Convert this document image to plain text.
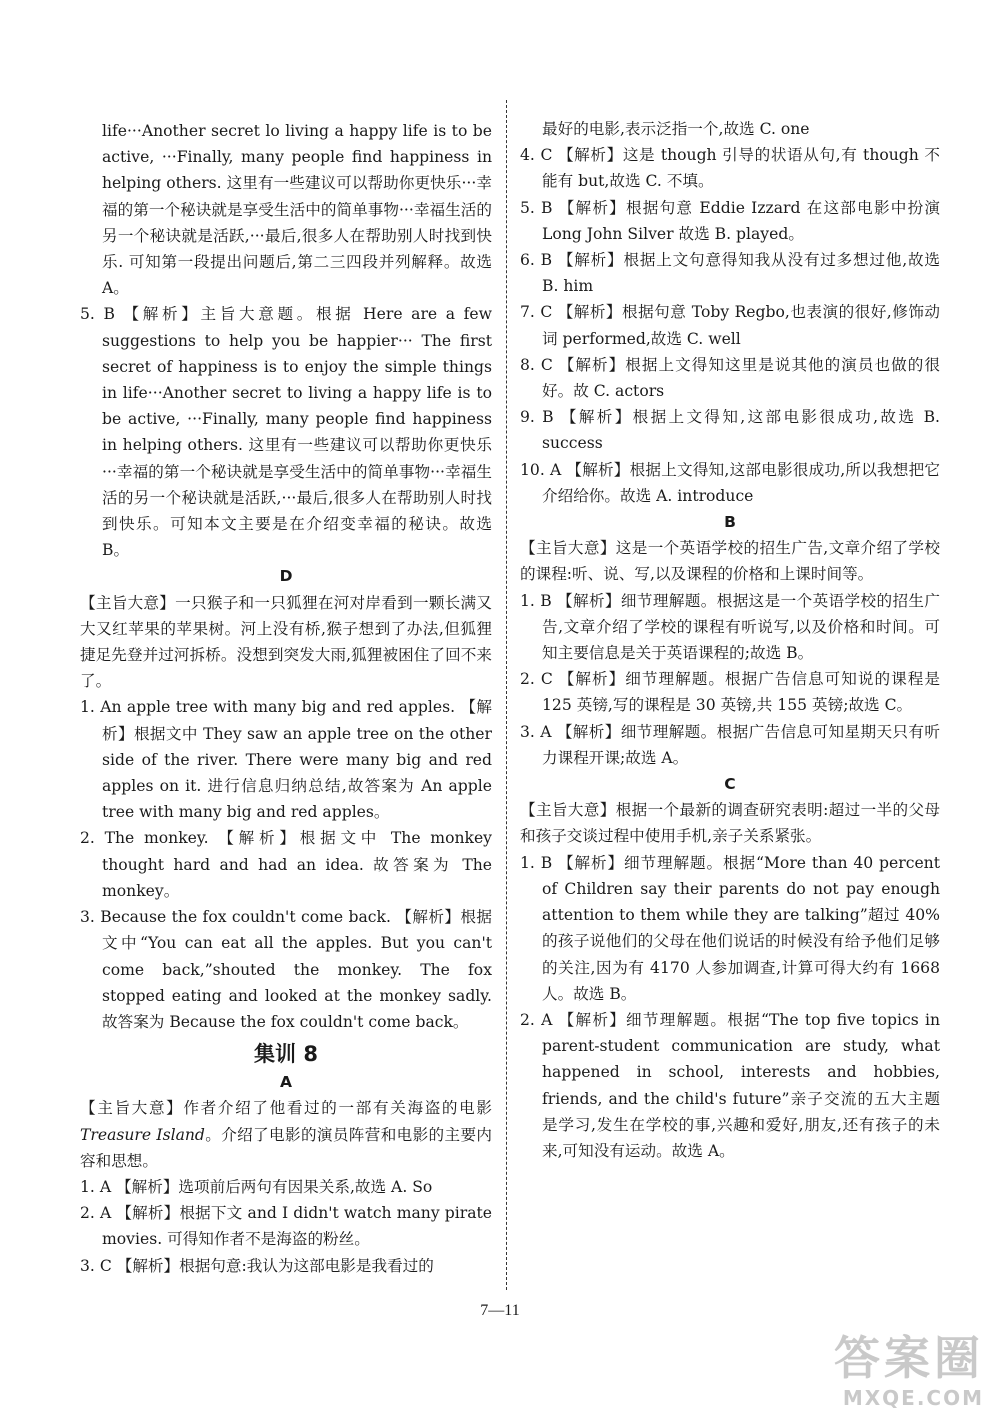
life···Another secret lo living a happy life is to be active, ···Finally, many people find happiness in helping others. 这里有一些建议可以帮助你更快乐···幸福的第一个秘诀就是享受生活中的简单事物···幸福生活的另一个秘诀就是活跃,···最后,很多人在帮助别人时找到快乐. 可知第一段提出问题后,第二三四段并列解释。故选 A。

5. B 【解析】主旨大意题。根据 Here are a few suggestions to help you be happier··· The first secret of happiness is to enjoy the simple things in life···Another secret to living a happy life is to be active, ···Finally, many people find happiness in helping others. 这里有一些建议可以帮助你更快乐···幸福的第一个秘诀就是享受生活中的简单事物···幸福生活的另一个秘诀就是活跃,···最后,很多人在帮助别人时找到快乐。可知本文主要是在介绍变幸福的秘诀。故选 B。

D

【主旨大意】一只猴子和一只狐狸在河对岸看到一颗长满又大又红苹果的苹果树。河上没有桥,猴子想到了办法,但狐狸捷足先登并过河拆桥。没想到突发大雨,狐狸被困住了回不来了。

1. An apple tree with many big and red apples. 【解析】根据文中 They saw an apple tree on the other side of the river. There were many big and red apples on it. 进行信息归纳总结,故答案为 An apple tree with many big and red apples。

2. The monkey. 【解析】根据文中 The monkey thought hard and had an idea. 故答案为 The monkey。

3. Because the fox couldn't come back. 【解析】根据文中“You can eat all the apples. But you can't come back,”shouted the monkey. The fox stopped eating and looked at the monkey sadly. 故答案为 Because the fox couldn't come back。

集训 8

A

【主旨大意】作者介绍了他看过的一部有关海盗的电影Treasure Island。介绍了电影的演员阵营和电影的主要内容和思想。

1. A 【解析】选项前后两句有因果关系,故选 A. So

2. A 【解析】根据下文 and I didn't watch many pirate movies. 可得知作者不是海盗的粉丝。

3. C 【解析】根据句意:我认为这部电影是我看过的

最好的电影,表示泛指一个,故选 C. one

4. C 【解析】这是 though 引导的状语从句,有 though 不能有 but,故选 C. 不填。

5. B 【解析】根据句意 Eddie Izzard 在这部电影中扮演 Long John Silver 故选 B. played。

6. B 【解析】根据上文句意得知我从没有过多想过他,故选 B. him

7. C 【解析】根据句意 Toby Regbo,也表演的很好,修饰动词 performed,故选 C. well

8. C 【解析】根据上文得知这里是说其他的演员也做的很好。故 C. actors

9. B 【解析】根据上文得知,这部电影很成功,故选 B. success

10. A 【解析】根据上文得知,这部电影很成功,所以我想把它介绍给你。故选 A. introduce

B

【主旨大意】这是一个英语学校的招生广告,文章介绍了学校的课程:听、说、写,以及课程的价格和上课时间等。

1. B 【解析】细节理解题。根据这是一个英语学校的招生广告,文章介绍了学校的课程有听说写,以及价格和时间。可知主要信息是关于英语课程的;故选 B。

2. C 【解析】细节理解题。根据广告信息可知说的课程是 125 英镑,写的课程是 30 英镑,共 155 英镑;故选 C。

3. A 【解析】细节理解题。根据广告信息可知星期天只有听力课程开课;故选 A。

C

【主旨大意】根据一个最新的调查研究表明:超过一半的父母和孩子交谈过程中使用手机,亲子关系紧张。

1. B 【解析】细节理解题。根据“More than 40 percent of Children say their parents do not pay enough attention to them while they are talking”超过 40%的孩子说他们的父母在他们说话的时候没有给予他们足够的关注,因为有 4170 人参加调查,计算可得大约有 1668 人。故选 B。

2. A 【解析】细节理解题。根据“The top five topics in parent-student communication are study, what happened in school, interests and hobbies, friends, and the child's future”亲子交流的五大主题是学习,发生在学校的事,兴趣和爱好,朋友,还有孩子的未来,可知没有运动。故选 A。

7—11
答案圈
MXQE.COM
